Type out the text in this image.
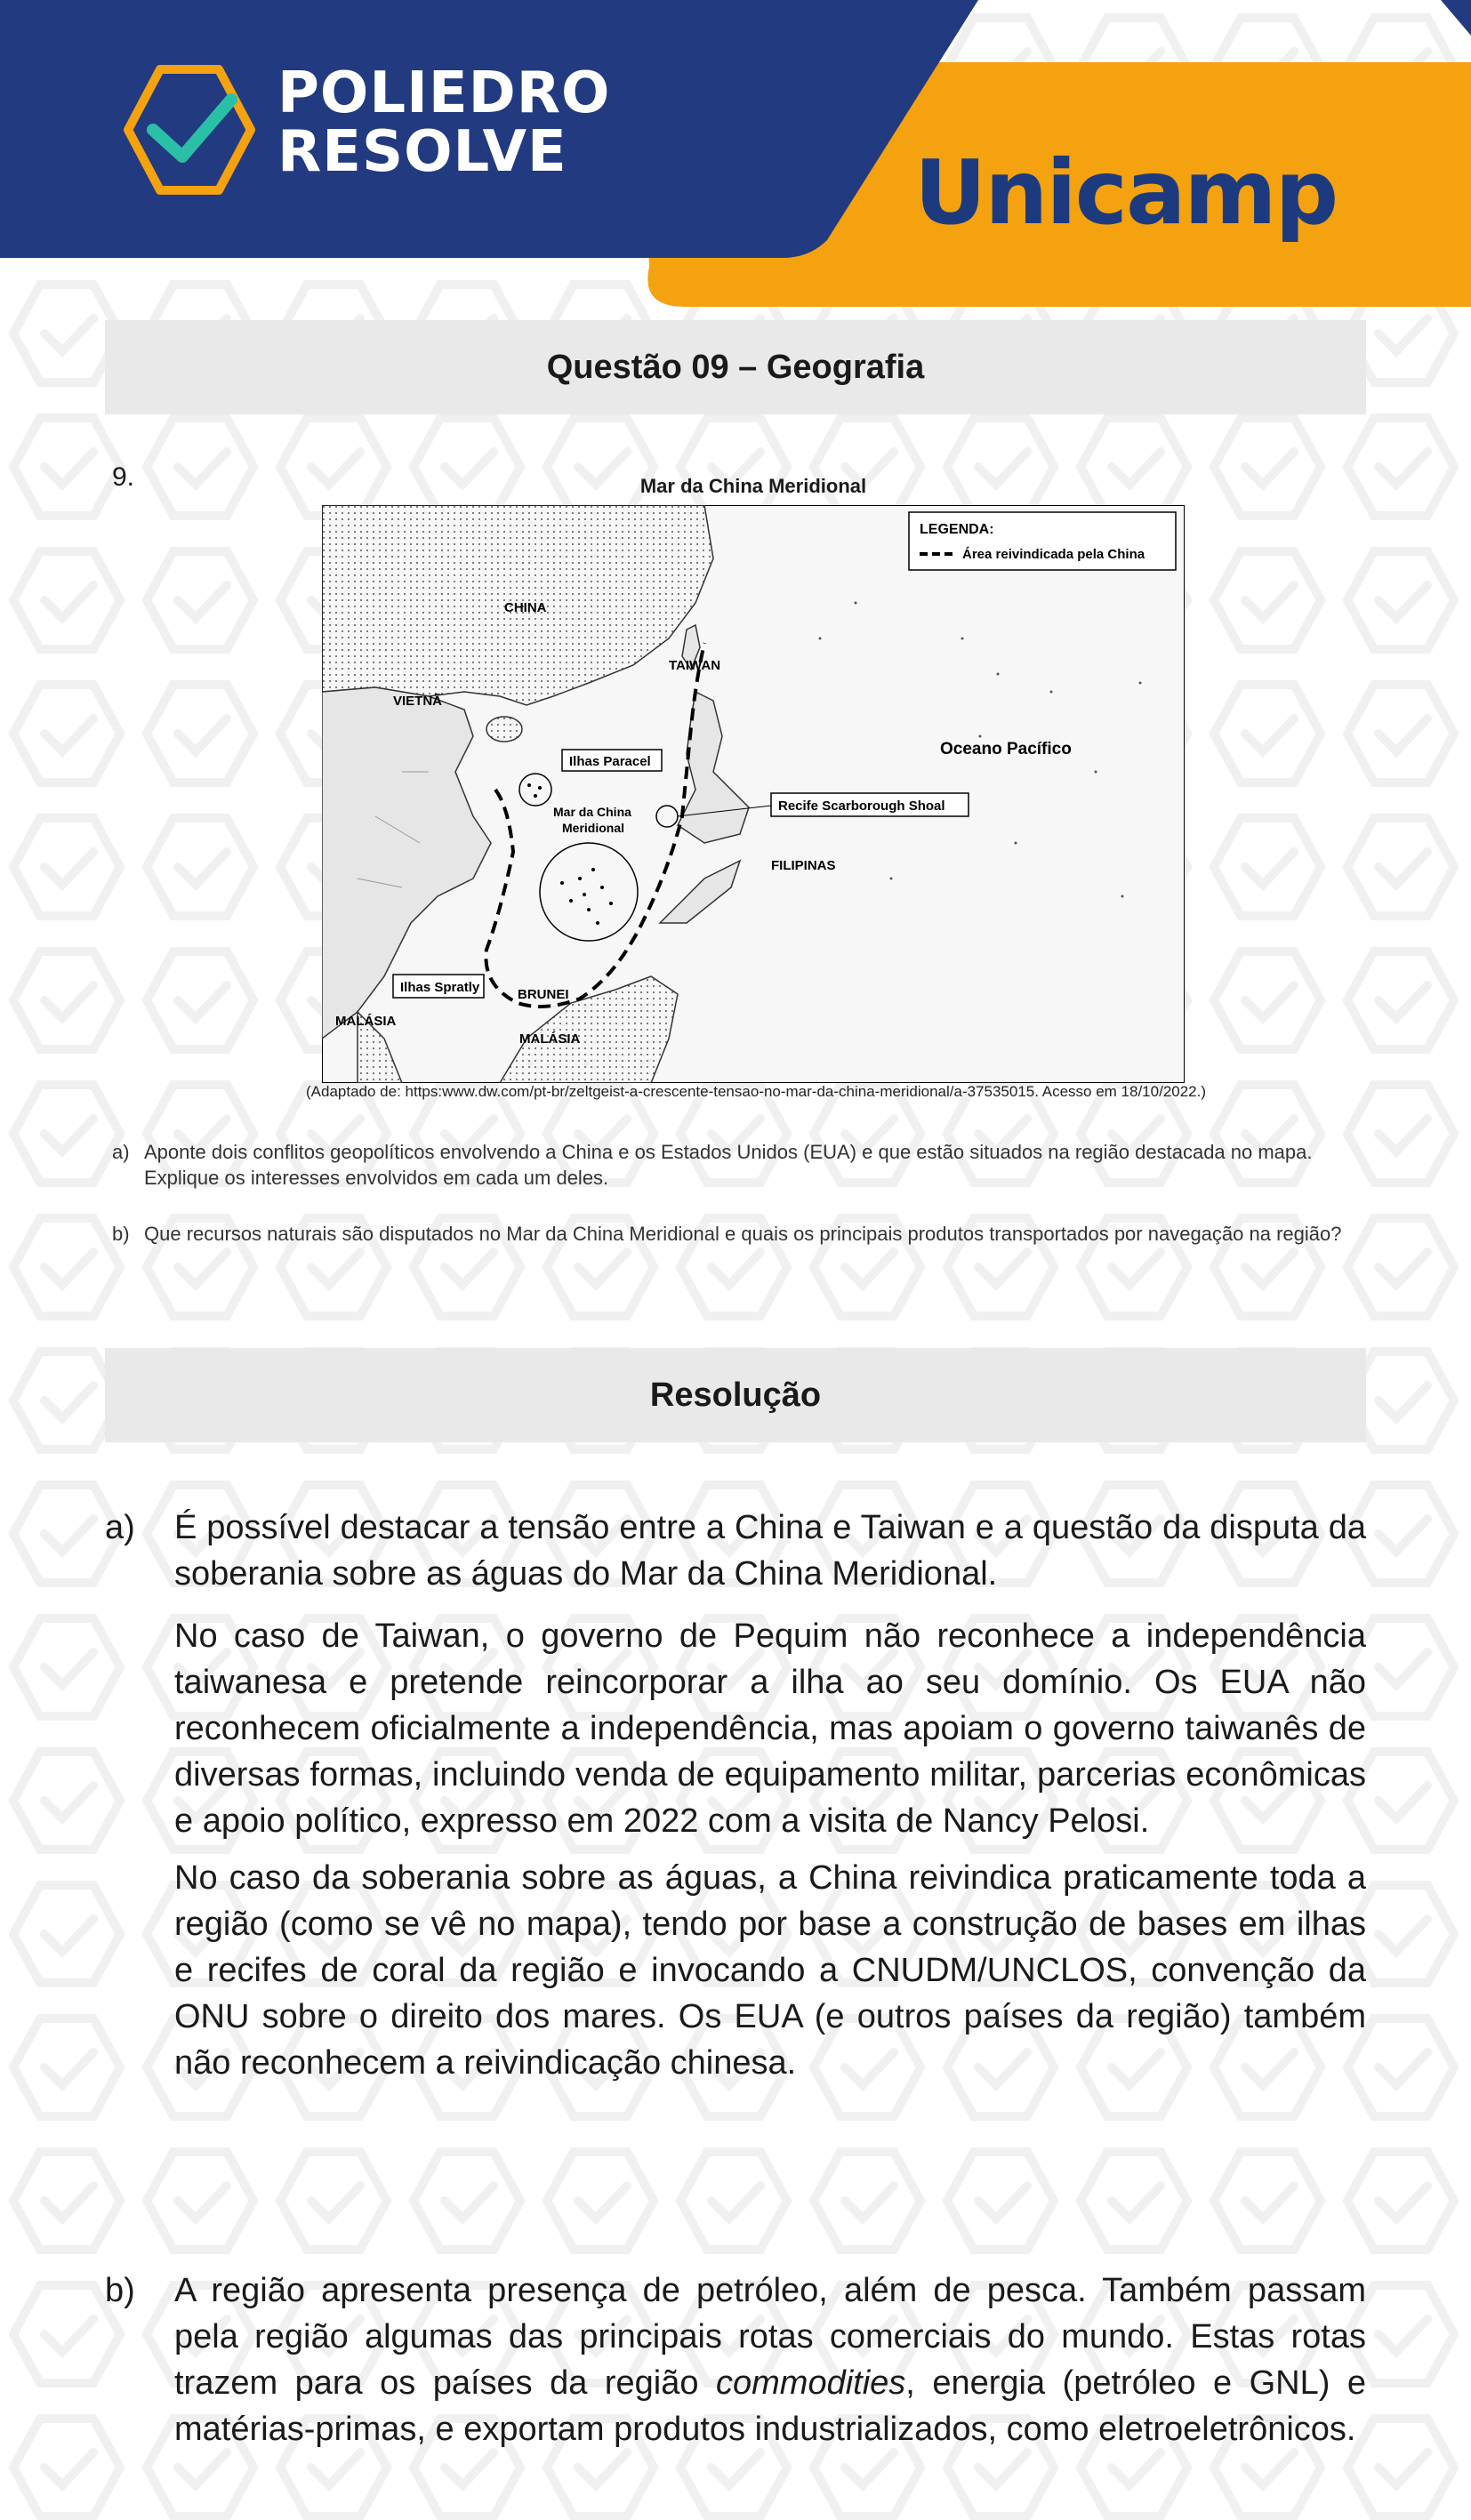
POLIEDRO
RESOLVE	Unicamp
Questão 09 – Geografia
9.	Mar da China Meridional
LEGENDA:
Área reivindicada pela China
CHINA
TAIWAN
VIETNÃ
FILIPINAS
BRUNEI
MALÁSIA
MALÁSIA
Mar da China
Meridional
Oceano Pacífico
Ilhas Paracel
Recife Scarborough Shoal
Ilhas Spratly
(Adaptado de: https:www.dw.com/pt-br/zeltgeist-a-crescente-tensao-no-mar-da-china-meridional/a-37535015. Acesso em 18/10/2022.)
a) Aponte dois conflitos geopolíticos envolvendo a China e os Estados Unidos (EUA) e que estão situados na região destacada no mapa. Explique os interesses envolvidos em cada um deles.
b) Que recursos naturais são disputados no Mar da China Meridional e quais os principais produtos transportados por navegação na região?
Resolução
a)	É possível destacar a tensão entre a China e Taiwan e a questão da disputa da soberania sobre as águas do Mar da China Meridional.

No caso de Taiwan, o governo de Pequim não reconhece a independência taiwanesa e pretende reincorporar a ilha ao seu domínio. Os EUA não reconhecem oficialmente a independência, mas apoiam o governo taiwanês de diversas formas, incluindo venda de equipamento militar, parcerias econômicas e apoio político, expresso em 2022 com a visita de Nancy Pelosi.

No caso da soberania sobre as águas, a China reivindica praticamente toda a região (como se vê no mapa), tendo por base a construção de bases em ilhas e recifes de coral da região e invocando a CNUDM/UNCLOS, convenção da ONU sobre o direito dos mares. Os EUA (e outros países da região) também não reconhecem a reivindicação chinesa.

b)	A região apresenta presença de petróleo, além de pesca. Também passam pela região algumas das principais rotas comerciais do mundo. Estas rotas trazem para os países da região commodities, energia (petróleo e GNL) e matérias-primas, e exportam produtos industrializados, como eletroeletrônicos.
